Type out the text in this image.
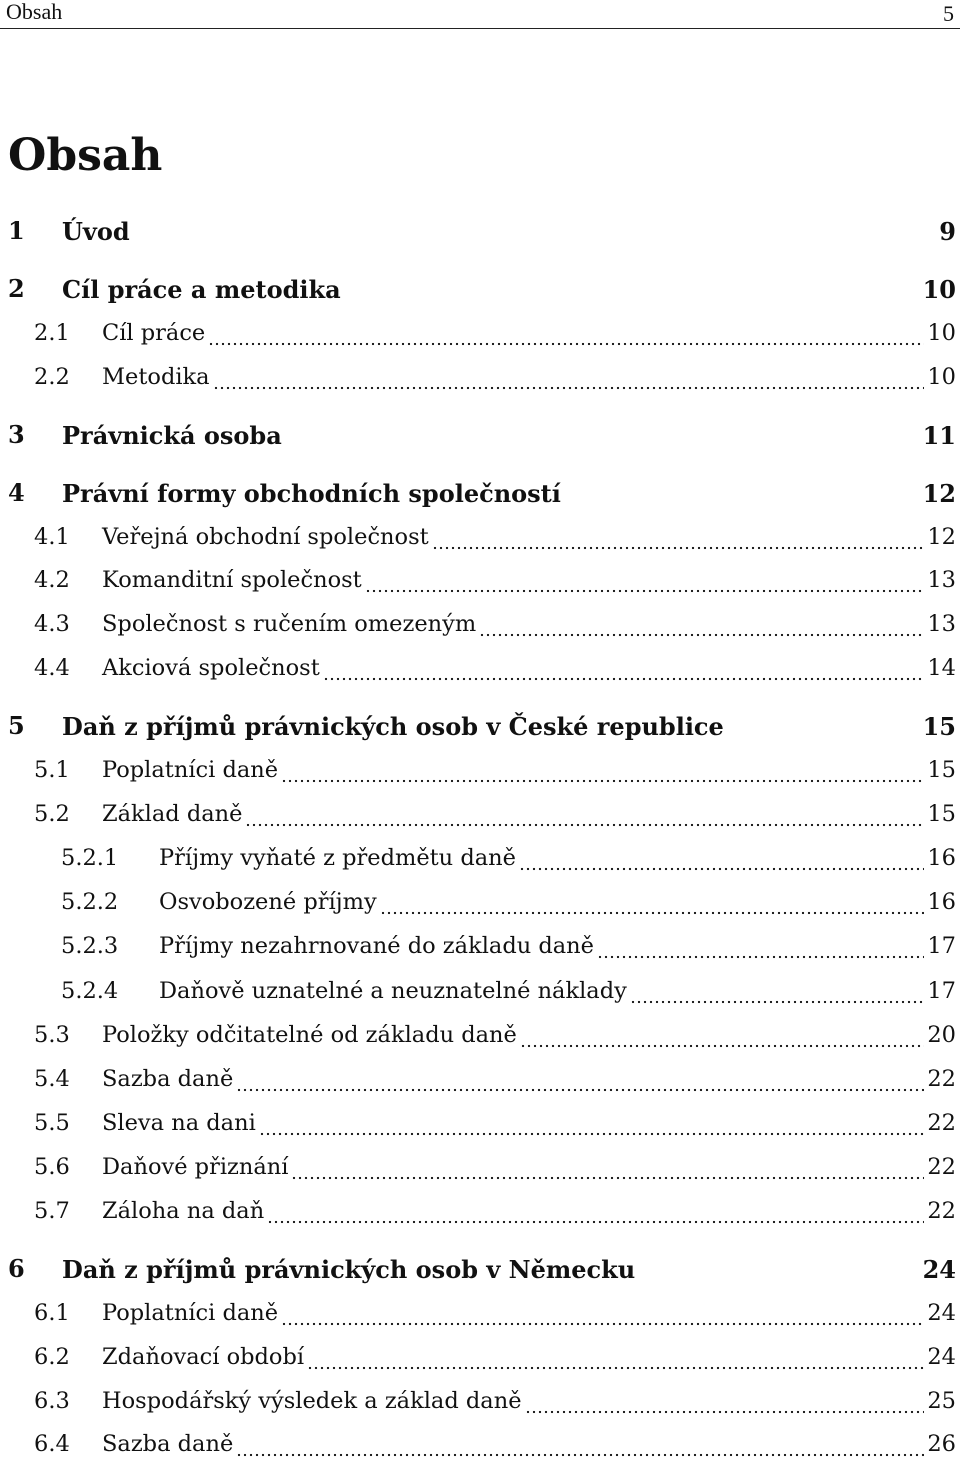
Obsah	5
Obsah
1 Úvod	9
2 Cíl práce a metodika	10
2.1 Cíl práce	10
2.2 Metodika	10
3 Právnická osoba	11
4 Právní formy obchodních společností	12
4.1 Veřejná obchodní společnost	12
4.2 Komanditní společnost	13
4.3 Společnost s ručením omezeným	13
4.4 Akciová společnost	14
5 Daň z příjmů právnických osob v České republice	15
5.1 Poplatníci daně	15
5.2 Základ daně	15
5.2.1 Příjmy vyňaté z předmětu daně	16
5.2.2 Osvobozené příjmy	16
5.2.3 Příjmy nezahrnované do základu daně	17
5.2.4 Daňově uznatelné a neuznatelné náklady	17
5.3 Položky odčitatelné od základu daně	20
5.4 Sazba daně	22
5.5 Sleva na dani	22
5.6 Daňové přiznání	22
5.7 Záloha na daň	22
6 Daň z příjmů právnických osob v Německu	24
6.1 Poplatníci daně	24
6.2 Zdaňovací období	24
6.3 Hospodářský výsledek a základ daně	25
6.4 Sazba daně	26
